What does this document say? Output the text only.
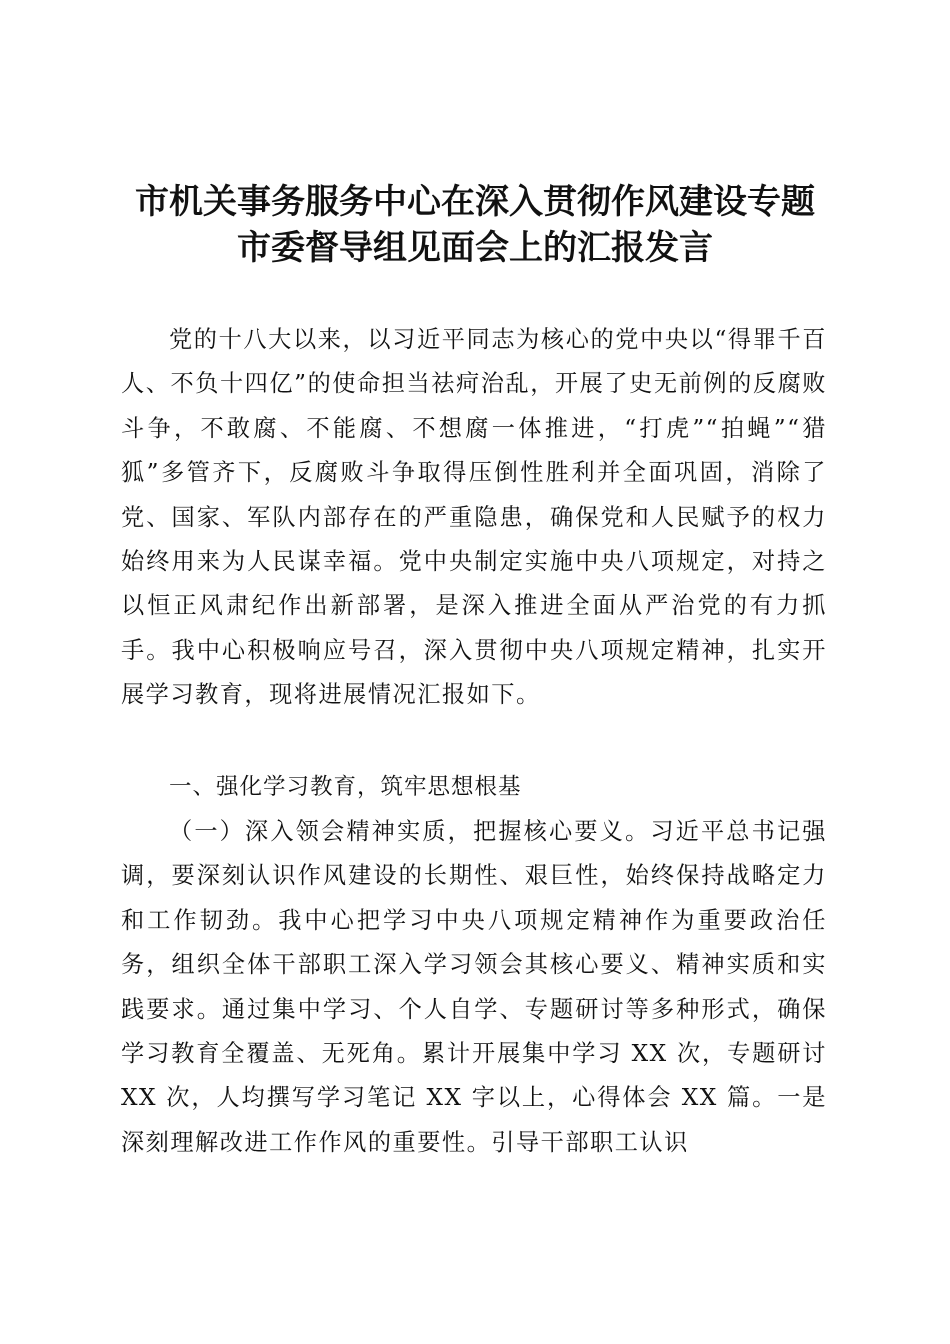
市机关事务服务中心在深入贯彻作风建设专题
市委督导组见面会上的汇报发言

党的十八大以来，以习近平同志为核心的党中央以“得罪千百人、不负十四亿”的使命担当祛疴治乱，开展了史无前例的反腐败斗争，不敢腐、不能腐、不想腐一体推进，“打虎”“拍蝇”“猎狐”多管齐下，反腐败斗争取得压倒性胜利并全面巩固，消除了党、国家、军队内部存在的严重隐患，确保党和人民赋予的权力始终用来为人民谋幸福。党中央制定实施中央八项规定，对持之以恒正风肃纪作出新部署，是深入推进全面从严治党的有力抓手。我中心积极响应号召，深入贯彻中央八项规定精神，扎实开展学习教育，现将进展情况汇报如下。

一、强化学习教育，筑牢思想根基

（一）深入领会精神实质，把握核心要义。习近平总书记强调，要深刻认识作风建设的长期性、艰巨性，始终保持战略定力和工作韧劲。我中心把学习中央八项规定精神作为重要政治任务，组织全体干部职工深入学习领会其核心要义、精神实质和实践要求。通过集中学习、个人自学、专题研讨等多种形式，确保学习教育全覆盖、无死角。累计开展集中学习 XX 次，专题研讨 XX 次，人均撰写学习笔记 XX 字以上，心得体会 XX 篇。一是深刻理解改进工作作风的重要性。引导干部职工认识
